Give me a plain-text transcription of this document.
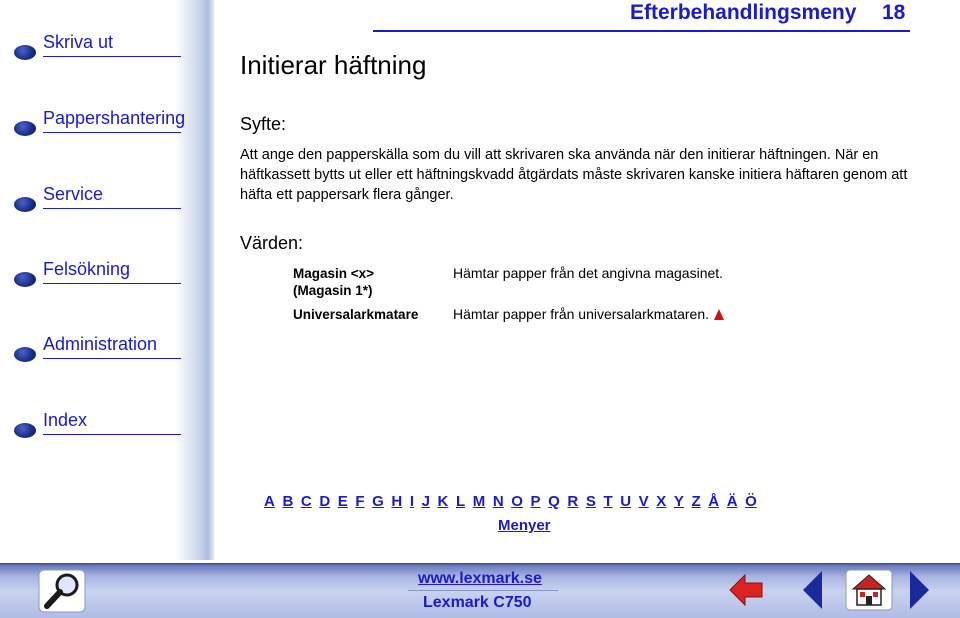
Skriva ut
Pappershantering
Service
Felsökning
Administration
Index
Efterbehandlingsmeny 18
Initierar häftning
Syfte:
Att ange den papperskälla som du vill att skrivaren ska använda när den initierar häftningen. När en häftkassett bytts ut eller ett häftningskvadd åtgärdats måste skrivaren kanske initiera häftaren genom att häfta ett pappersark flera gånger.
Värden:
Magasin <x>
(Magasin 1*)
Hämtar papper från det angivna magasinet.
Universalarkmatare Hämtar papper från universalarkmataren.
A B C D E F G H I J K L M N O P Q R S T U V X Y Z Å Ä Ö
Menyer
www.lexmark.se
Lexmark C750
